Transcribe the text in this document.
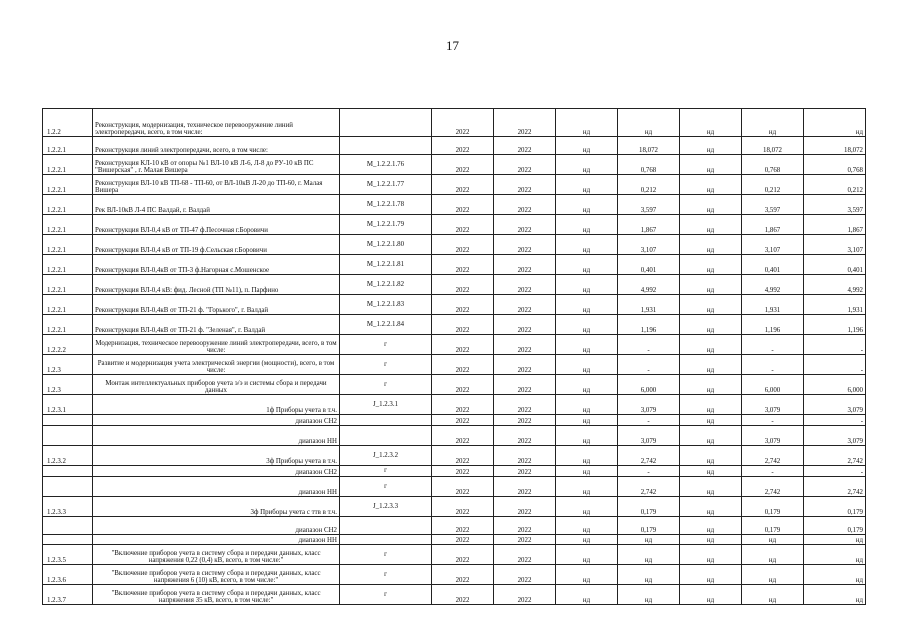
17
1.2.2	Реконструкция, модернизация, техническое перевооружение линий электропередачи, всего, в том числе:		2022	2022	нд	нд	нд	нд	нд
1.2.2.1	Реконструкция линий электропередачи, всего, в том числе:		2022	2022	нд	18,072	нд	18,072	18,072
1.2.2.1	Реконструкция КЛ-10 кВ от опоры №1 ВЛ-10 кВ Л-6, Л-8 до РУ-10 кВ ПС "Вишерская" , г. Малая Вишера	M_1.2.2.1.76	2022	2022	нд	0,768	нд	0,768	0,768
1.2.2.1	Реконструкция ВЛ-10 кВ ТП-68 - ТП-60, от ВЛ-10кВ Л-20 до ТП-60, г. Малая Вишера	M_1.2.2.1.77	2022	2022	нд	0,212	нд	0,212	0,212
1.2.2.1	Рек ВЛ-10кВ Л-4 ПС Валдай, г. Валдай	M_1.2.2.1.78	2022	2022	нд	3,597	нд	3,597	3,597
1.2.2.1	Реконструкция ВЛ-0,4 кВ от ТП-47 ф.Песочная г.Боровичи	M_1.2.2.1.79	2022	2022	нд	1,867	нд	1,867	1,867
1.2.2.1	Реконструкция ВЛ-0,4 кВ от ТП-19 ф.Сельская г.Боровичи	M_1.2.2.1.80	2022	2022	нд	3,107	нд	3,107	3,107
1.2.2.1	Реконструкция ВЛ-0,4кВ от ТП-3 ф.Нагорная с.Мошенское	M_1.2.2.1.81	2022	2022	нд	0,401	нд	0,401	0,401
1.2.2.1	Реконструкция ВЛ-0,4 кВ: фид. Лесной (ТП №11), п. Парфино	M_1.2.2.1.82	2022	2022	нд	4,992	нд	4,992	4,992
1.2.2.1	Реконструкция ВЛ-0,4кВ от ТП-21 ф. "Горького", г. Валдай	M_1.2.2.1.83	2022	2022	нд	1,931	нд	1,931	1,931
1.2.2.1	Реконструкция ВЛ-0,4кВ от ТП-21 ф. "Зеленая", г. Валдай	M_1.2.2.1.84	2022	2022	нд	1,196	нд	1,196	1,196
1.2.2.2	Модернизация, техническое перевооружение линий электропередачи, всего, в том числе:	г	2022	2022	нд	-	нд	-	-
1.2.3	Развитие и модернизация учета электрической энергии (мощности), всего, в том числе:	г	2022	2022	нд	-	нд	-	-
1.2.3	Монтаж интеллектуальных приборов учета э/э и системы сбора и передачи данных	г	2022	2022	нд	6,000	нд	6,000	6,000
1.2.3.1	1ф Приборы учета в т.ч.	J_1.2.3.1	2022	2022	нд	3,079	нд	3,079	3,079
	диапазон СН2		2022	2022	нд	-	нд	-	-
	диапазон НН		2022	2022	нд	3,079	нд	3,079	3,079
1.2.3.2	3ф Приборы учета в т.ч.	J_1.2.3.2	2022	2022	нд	2,742	нд	2,742	2,742
	диапазон СН2	г	2022	2022	нд	-	нд	-	-
	диапазон НН	г	2022	2022	нд	2,742	нд	2,742	2,742
1.2.3.3	3ф Приборы учета с ттв в т.ч.	J_1.2.3.3	2022	2022	нд	0,179	нд	0,179	0,179
	диапазон СН2		2022	2022	нд	0,179	нд	0,179	0,179
	диапазон НН		2022	2022	нд	нд	нд	нд	нд
1.2.3.5	"Включение приборов учета в систему сбора и передачи данных, класс напряжения 0,22 (0,4) кВ, всего, в том числе:"	г	2022	2022	нд	нд	нд	нд	нд
1.2.3.6	"Включение приборов учета в систему сбора и передачи данных, класс напряжения 6 (10) кВ, всего, в том числе:"	г	2022	2022	нд	нд	нд	нд	нд
1.2.3.7	"Включение приборов учета в систему сбора и передачи данных, класс напряжения 35 кВ, всего, в том числе:"	г	2022	2022	нд	нд	нд	нд	нд
